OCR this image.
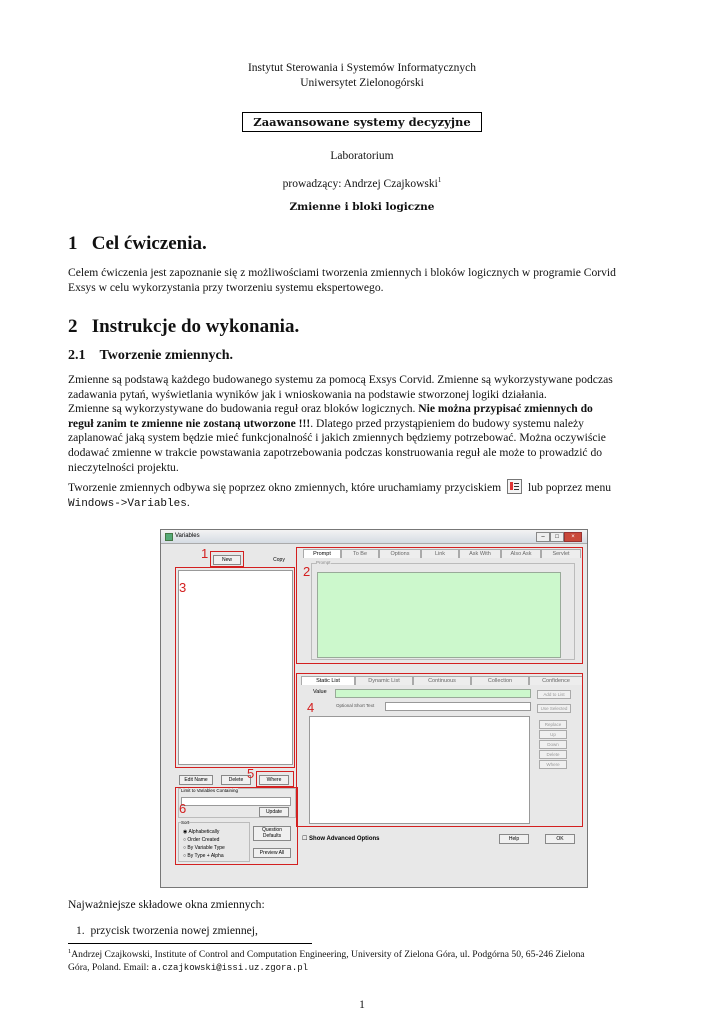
Instytut Sterowania i Systemów Informatycznych
Uniwersytet Zielonogórski
Zaawansowane systemy decyzyjne
Laboratorium
prowadzący: Andrzej Czajkowski$^1$
Zmienne i bloki logiczne
1 Cel ćwiczenia.

Celem ćwiczenia jest zapoznanie się z możliwościami tworzenia zmiennych i bloków logicznych w programie Corvid

Exsys w celu wykorzystania przy tworzeniu systemu ekspertowego.

2 Instrukcje do wykonania.
2.1 Tworzenie zmiennych.

Zmienne są podstawą każdego budowanego systemu za pomocą Exsys Corvid. Zmienne są wykorzystywane podczas

zadawania pytań, wyświetlania wyników jak i wnioskowania na podstawie stworzonej logiki działania.

Zmienne są wykorzystywane do budowania reguł oraz bloków logicznych. Nie można przypisać zmiennych do

reguł zanim te zmienne nie zostaną utworzone !!!. Dlatego przed przystąpieniem do budowy systemu należy

zaplanować jaką system będzie mieć funkcjonalność i jakich zmiennych będziemy potrzebować. Można oczywiście

dodawać zmienne w trakcie powstawania zapotrzebowania podczas konstruowania reguł ale może to prowadzić do

nieczytelności projektu.

Tworzenie zmiennych odbywa się poprzez okno zmiennych, które uruchamiamy przyciskiem lub poprzez menu

Windows->Variables.

Variables	–	□	×
New	Copy
Edit Name	Delete	Where
Limit to Variables Containing
Update
Sort
◉ Alphabetically
○ Order Created
○ By Variable Type
○ By Type + Alpha
Question
Defaults
Preview All
Prompt	To Be	Options	Link	Ask With	Also Ask	Servlet
Prompt
Static List	Dynamic List	Continuous	Collection	Confidence
Value
Optional Short Text
Add to List
Use Selected
Replace
Up
Down
Delete
Where
☐ Show Advanced Options	Help	OK
1
2
3
4
5
6
Najważniejsze składowe okna zmiennych:
1. przycisk tworzenia nowej zmiennej,
$^1$Andrzej Czajkowski, Institute of Control and Computation Engineering, University of Zielona Góra, ul. Podgórna 50, 65-246 Zielona
Góra, Poland. Email: a.czajkowski@issi.uz.zgora.pl
1
